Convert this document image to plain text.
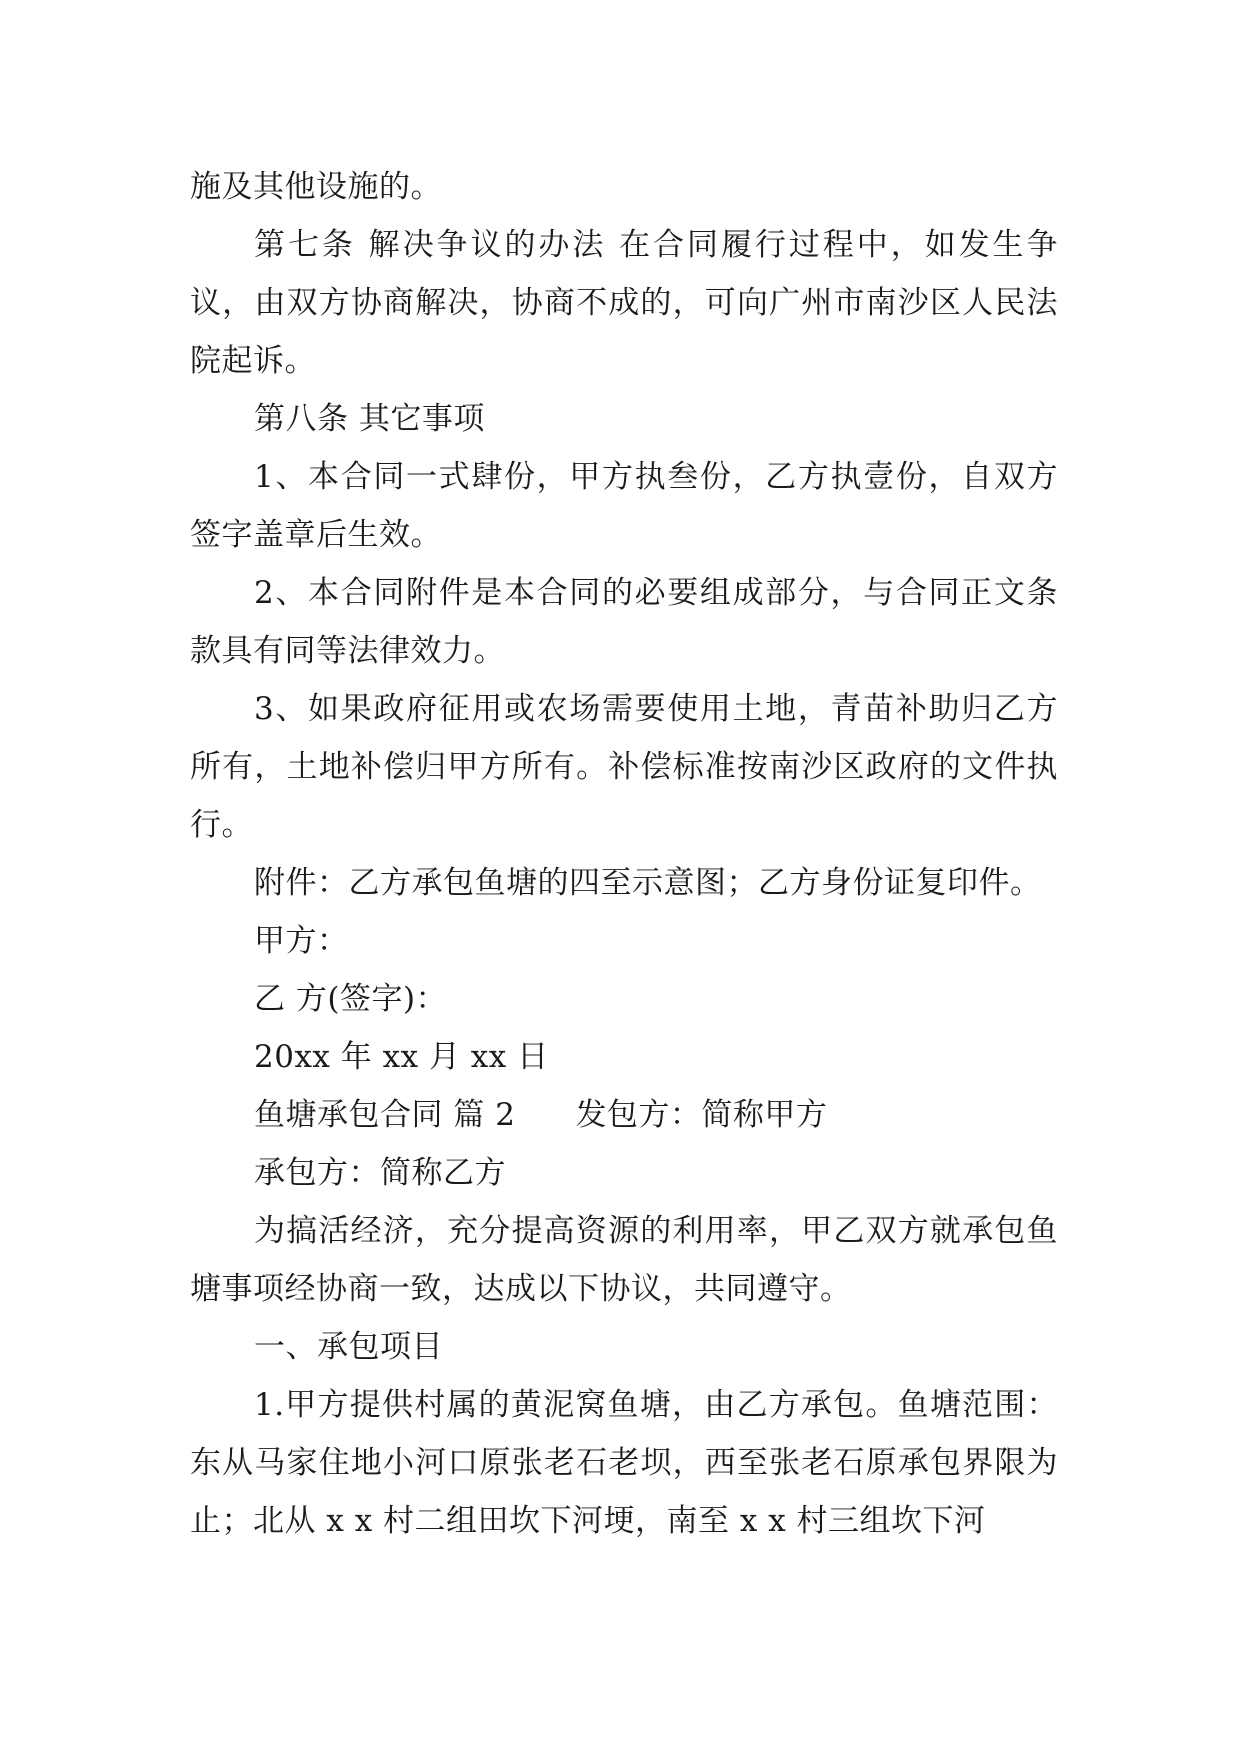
施及其他设施的。

第七条 解决争议的办法 在合同履行过程中，如发生争议，由双方协商解决，协商不成的，可向广州市南沙区人民法院起诉。

第八条 其它事项

1、本合同一式肆份，甲方执叁份，乙方执壹份，自双方签字盖章后生效。

2、本合同附件是本合同的必要组成部分，与合同正文条款具有同等法律效力。

3、如果政府征用或农场需要使用土地，青苗补助归乙方所有，土地补偿归甲方所有。补偿标准按南沙区政府的文件执行。

附件：乙方承包鱼塘的四至示意图；乙方身份证复印件。

甲方：

乙 方(签字)：

20xx 年 xx 月 xx 日

鱼塘承包合同 篇 2 发包方：简称甲方

承包方：简称乙方

为搞活经济，充分提高资源的利用率，甲乙双方就承包鱼塘事项经协商一致，达成以下协议，共同遵守。

一、承包项目

1.甲方提供村属的黄泥窝鱼塘，由乙方承包。鱼塘范围：东从马家住地小河口原张老石老坝，西至张老石原承包界限为止；北从 x x 村二组田坎下河埂，南至 x x 村三组坎下河
